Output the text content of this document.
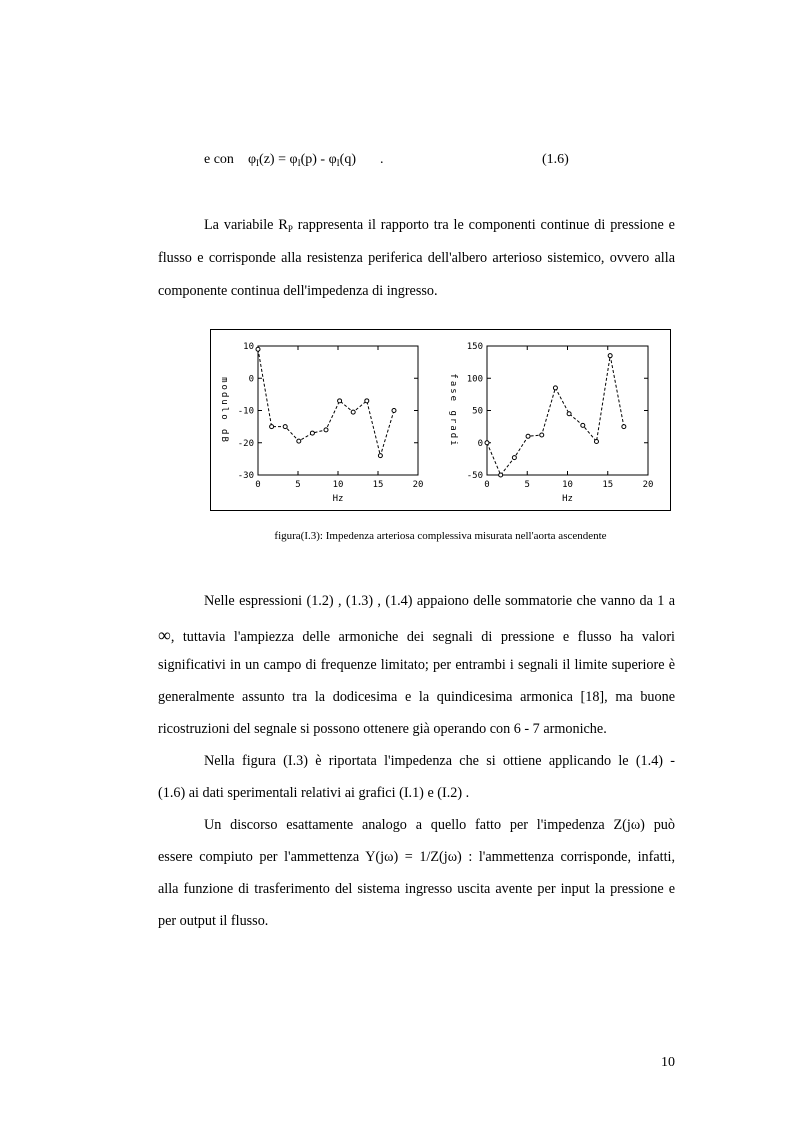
e con $\varphi_I(z) = \varphi_I(p) - \varphi_I(q)$ .	(1.6)
La variabile $R_P$ rappresenta il rapporto tra le componenti continue di pressione e
flusso e corrisponde alla resistenza periferica dell'albero arterioso sistemico, ovvero alla
componente continua dell'impedenza di ingresso.
0	5	10	15	20
10
0
-10
-20
-30
Hz
modulo dB
0	5	10	15	20
150
100
50
0
-50
Hz
fase gradi
figura(I.3): Impedenza arteriosa complessiva misurata nell'aorta ascendente
Nelle espressioni (1.2) , (1.3) , (1.4) appaiono delle sommatorie che vanno da 1 a
∞, tuttavia l'ampiezza delle armoniche dei segnali di pressione e flusso ha valori
significativi in un campo di frequenze limitato; per entrambi i segnali il limite superiore è
generalmente assunto tra la dodicesima e la quindicesima armonica [18], ma buone
ricostruzioni del segnale si possono ottenere già operando con 6 - 7 armoniche.
Nella figura (I.3) è riportata l'impedenza che si ottiene applicando le (1.4) -
(1.6) ai dati sperimentali relativi ai grafici (I.1) e (I.2) .
Un discorso esattamente analogo a quello fatto per l'impedenza Z(jω) può
essere compiuto per l'ammettenza Y(jω) = 1/Z(jω) : l'ammettenza corrisponde, infatti,
alla funzione di trasferimento del sistema ingresso uscita avente per input la pressione e
per output il flusso.
10
